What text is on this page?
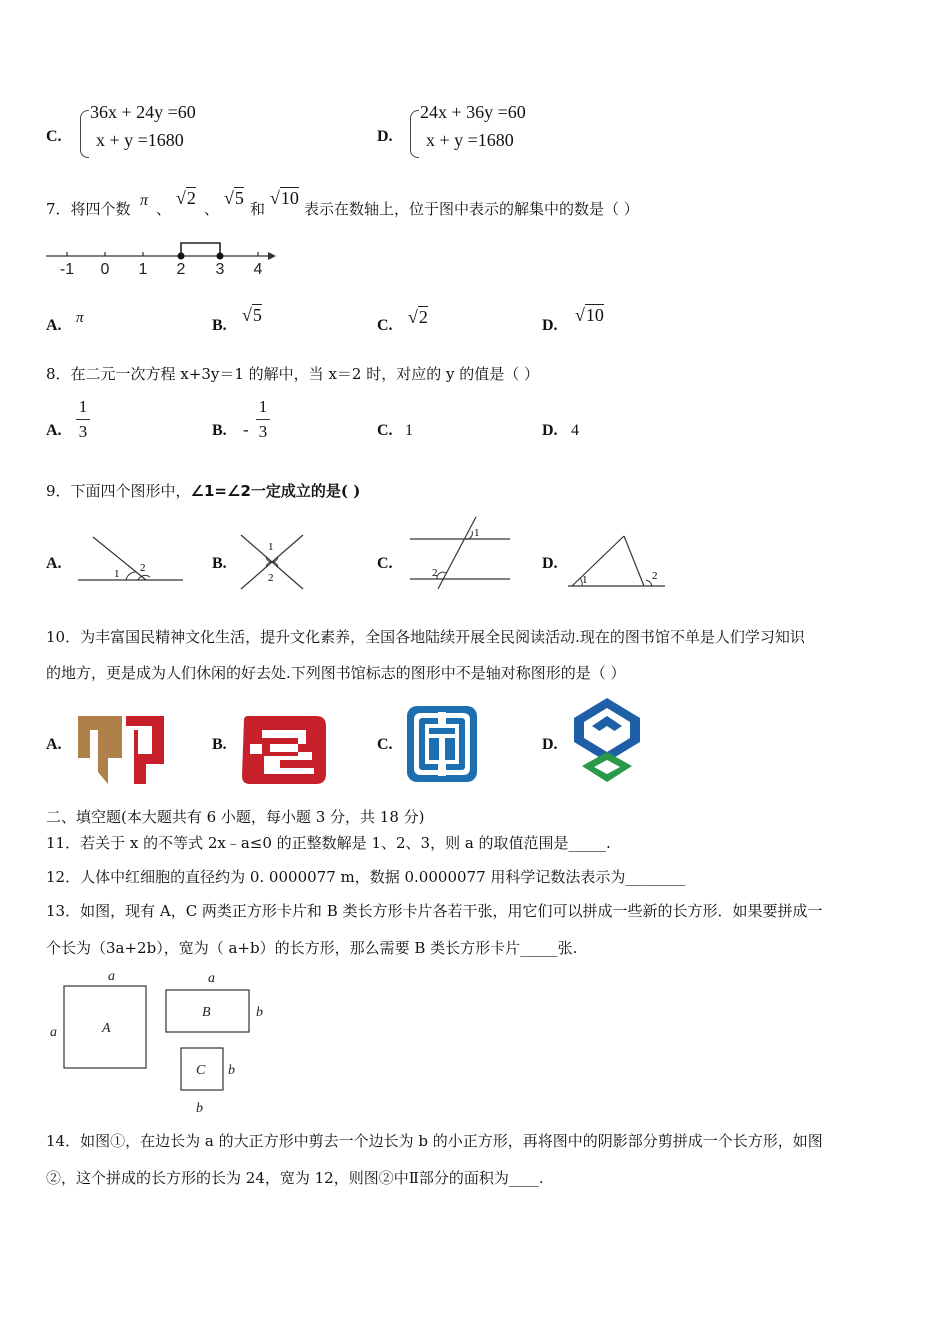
C.
36x + 24y =60
x + y =1680	D.
24x + 36y =60
x + y =1680
7．将四个数 π 、
√2
、
√5
和
√10
表示在数轴上，位于图中表示的解集中的数是（ ）
-1 0 1 2 3 4
A. π	B.
√5
C. √2	D.
√10
8．在二元一次方程 x+3y＝1 的解中，当 x＝2 时，对应的 y 的值是（ ）
A.
1
3	B. -
1
3	C. 1	D. 4
9．下面四个图形中，∠1=∠2一定成立的是( )
A.
1 2	B.
1
2
C.
1
2
D.
1	2
10．为丰富国民精神文化生活，提升文化素养，全国各地陆续开展全民阅读活动.现在的图书馆不单是人们学习知识
的地方，更是成为人们休闲的好去处.下列图书馆标志的图形中不是轴对称图形的是（ ）
A.	B.	C.	D.
二、填空题(本大题共有 6 小题，每小题 3 分，共 18 分)
11．若关于 x 的不等式 2x﹣a≤0 的正整数解是 1、2、3，则 a 的取值范围是_____.
12．人体中红细胞的直径约为 0. 0000077 m，数据 0.0000077 用科学记数法表示为________
13．如图，现有 A，C 两类正方形卡片和 B 类长方形卡片各若干张，用它们可以拼成一些新的长方形．如果要拼成一
个长为（3a+2b），宽为（ a+b）的长方形，那么需要 B 类长方形卡片_____张.
a
a	A
a
b
B
b
b
C
14．如图①，在边长为 a 的大正方形中剪去一个边长为 b 的小正方形，再将图中的阴影部分剪拼成一个长方形，如图
②，这个拼成的长方形的长为 24，宽为 12，则图②中Ⅱ部分的面积为____.
